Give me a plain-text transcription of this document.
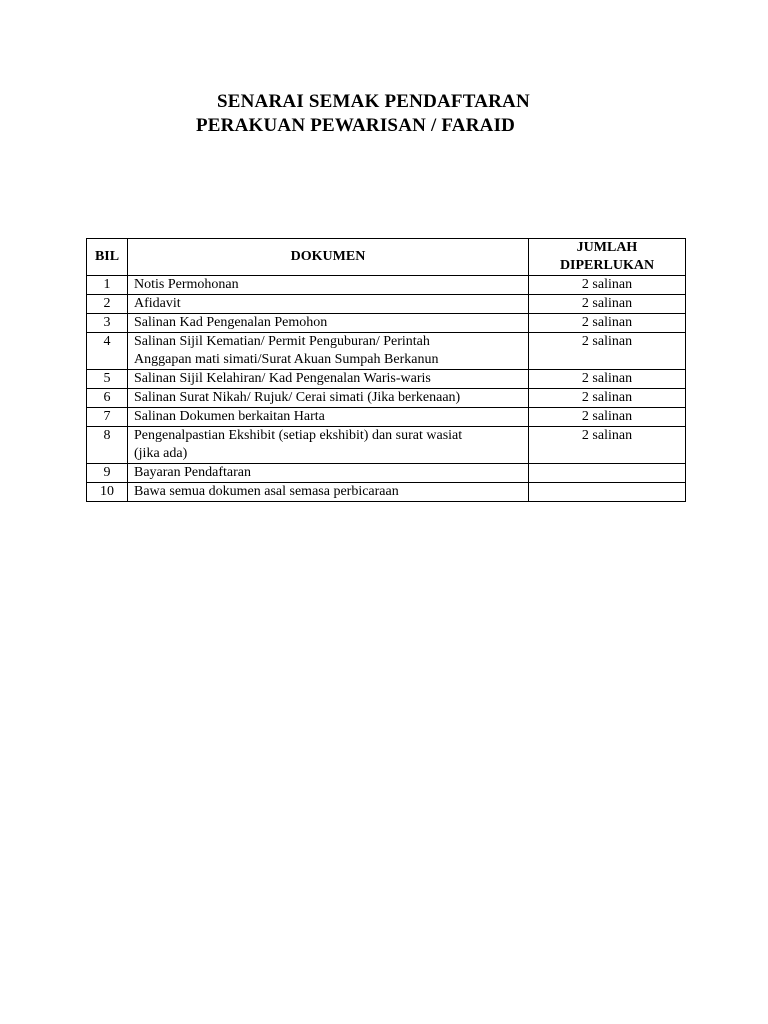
SENARAI SEMAK PENDAFTARAN
PERAKUAN PEWARISAN / FARAID
BIL	DOKUMEN	JUMLAH
DIPERLUKAN

1	Notis Permohonan	2 salinan
2	Afidavit	2 salinan
3	Salinan Kad Pengenalan Pemohon	2 salinan
4	Salinan Sijil Kematian/ Permit Penguburan/ Perintah
Anggapan mati simati/Surat Akuan Sumpah Berkanun	2 salinan
5	Salinan Sijil Kelahiran/ Kad Pengenalan Waris-waris	2 salinan
6	Salinan Surat Nikah/ Rujuk/ Cerai simati (Jika berkenaan)	2 salinan
7	Salinan Dokumen berkaitan Harta	2 salinan
8	Pengenalpastian Ekshibit (setiap ekshibit) dan surat wasiat
(jika ada)	2 salinan
9	Bayaran Pendaftaran	
10	Bawa semua dokumen asal semasa perbicaraan	
